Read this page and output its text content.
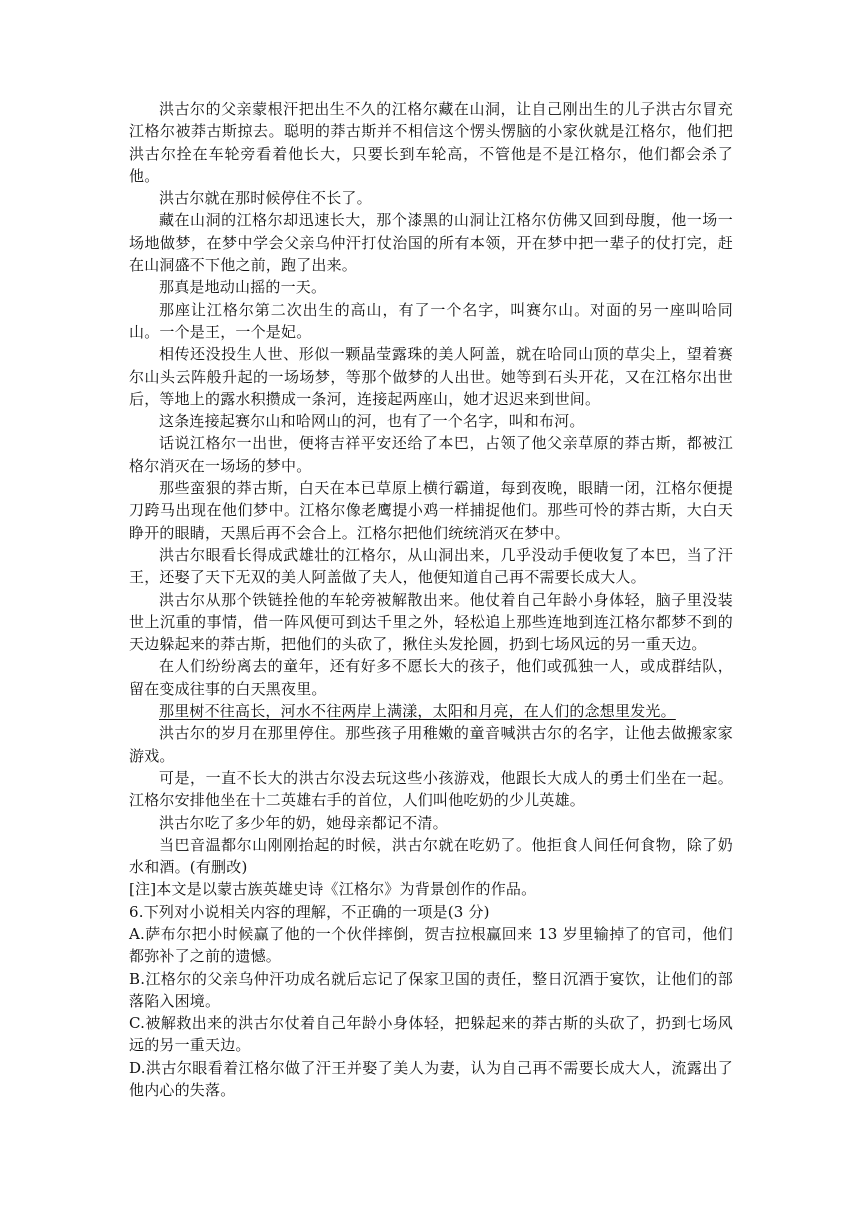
洪古尔的父亲蒙根汗把出生不久的江格尔藏在山洞，让自己刚出生的儿子洪古尔冒充江格尔被莽古斯掠去。聪明的莽古斯并不相信这个愣头愣脑的小家伙就是江格尔，他们把洪古尔拴在车轮旁看着他长大，只要长到车轮高，不管他是不是江格尔，他们都会杀了他。

洪古尔就在那时候停住不长了。

藏在山洞的江格尔却迅速长大，那个漆黑的山洞让江格尔仿佛又回到母腹，他一场一场地做梦，在梦中学会父亲乌仲汗打仗治国的所有本领，开在梦中把一辈子的仗打完，赶在山洞盛不下他之前，跑了出来。

那真是地动山摇的一天。

那座让江格尔第二次出生的高山，有了一个名字，叫赛尔山。对面的另一座叫哈同山。一个是王，一个是妃。

相传还没投生人世、形似一颗晶莹露珠的美人阿盖，就在哈同山顶的草尖上，望着赛尔山头云阵般升起的一场场梦，等那个做梦的人出世。她等到石头开花，又在江格尔出世后，等地上的露水积攒成一条河，连接起两座山，她才迟迟来到世间。

这条连接起赛尔山和哈网山的河，也有了一个名字，叫和布河。

话说江格尔一出世，便将吉祥平安还给了本巴，占领了他父亲草原的莽古斯，都被江格尔消灭在一场场的梦中。

那些蛮狠的莽古斯，白天在本已草原上横行霸道，每到夜晚，眼睛一闭，江格尔便提刀跨马出现在他们梦中。江格尔像老鹰提小鸡一样捕捉他们。那些可怜的莽古斯，大白天睁开的眼睛，天黑后再不会合上。江格尔把他们统统消灭在梦中。

洪古尔眼看长得成武雄壮的江格尔，从山洞出来，几乎没动手便收复了本巴，当了汗王，还娶了天下无双的美人阿盖做了夫人，他便知道自己再不需要长成大人。

洪古尔从那个铁链拴他的车轮旁被解散出来。他仗着自己年龄小身体轻，脑子里没装世上沉重的事情，借一阵风便可到达千里之外，轻松追上那些连地到连江格尔都梦不到的天边躲起来的莽古斯，把他们的头砍了，揪住头发抡圆，扔到七场风远的另一重天边。

在人们纷纷离去的童年，还有好多不愿长大的孩子，他们或孤独一人，或成群结队，留在变成往事的白天黑夜里。

那里树不往高长，河水不往两岸上满漾，太阳和月亮，在人们的念想里发光。

洪古尔的岁月在那里停住。那些孩子用稚嫩的童音喊洪古尔的名字，让他去做搬家家游戏。

可是，一直不长大的洪古尔没去玩这些小孩游戏，他跟长大成人的勇士们坐在一起。江格尔安排他坐在十二英雄右手的首位，人们叫他吃奶的少儿英雄。

洪古尔吃了多少年的奶，她母亲都记不清。

当巴音温都尔山刚刚抬起的时候，洪古尔就在吃奶了。他拒食人间任何食物，除了奶水和酒。(有删改)

[注]本文是以蒙古族英雄史诗《江格尔》为背景创作的作品。

6.下列对小说相关内容的理解，不正确的一项是(3 分)

A.萨布尔把小时候赢了他的一个伙伴摔倒，贺吉拉根赢回来 13 岁里输掉了的官司，他们都弥补了之前的遗憾。

B.江格尔的父亲乌仲汗功成名就后忘记了保家卫国的责任，整日沉酒于宴饮，让他们的部落陷入困境。

C.被解救出来的洪古尔仗着自己年龄小身体轻，把躲起来的莽古斯的头砍了，扔到七场风远的另一重天边。

D.洪古尔眼看着江格尔做了汗王并娶了美人为妻，认为自己再不需要长成大人，流露出了他内心的失落。
